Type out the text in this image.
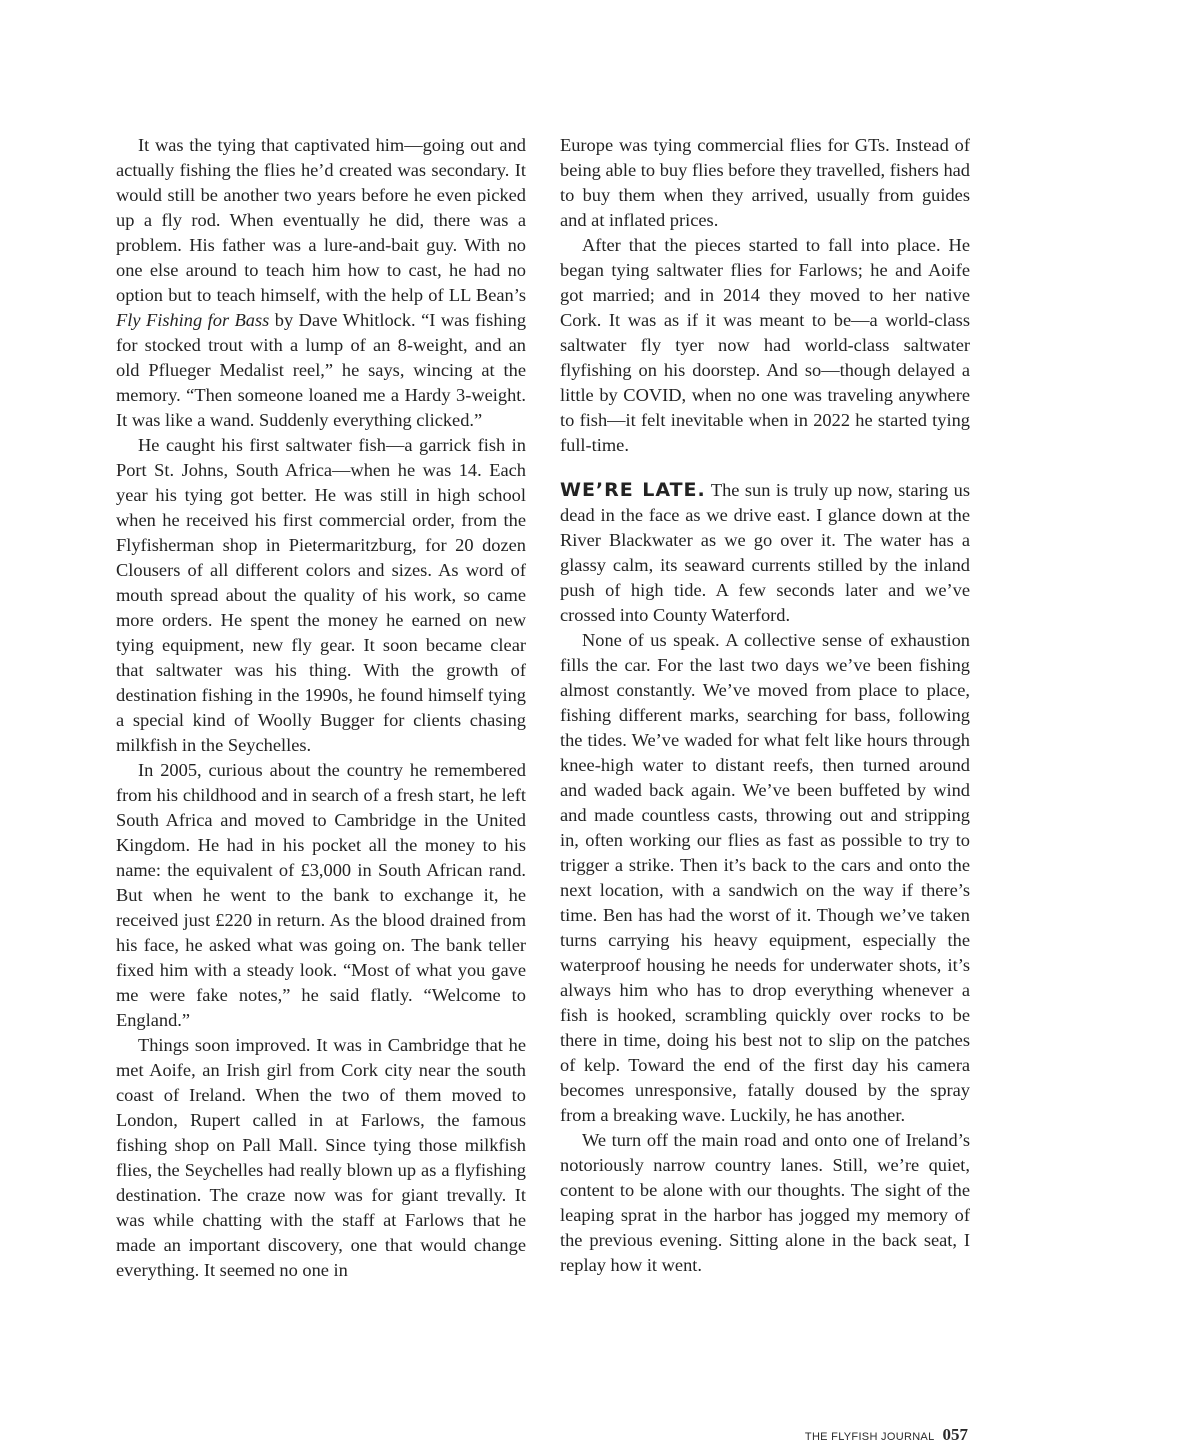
It was the tying that captivated him—going out and actually fishing the flies he’d created was secondary. It would still be another two years before he even picked up a fly rod. When eventually he did, there was a problem. His father was a lure-and-bait guy. With no one else around to teach him how to cast, he had no option but to teach himself, with the help of LL Bean’s Fly Fishing for Bass by Dave Whitlock. “I was fishing for stocked trout with a lump of an 8-weight, and an old Pflueger Medalist reel,” he says, wincing at the memory. “Then someone loaned me a Hardy 3-weight. It was like a wand. Suddenly everything clicked.”

He caught his first saltwater fish—a garrick fish in Port St. Johns, South Africa—when he was 14. Each year his tying got better. He was still in high school when he received his first commercial order, from the Flyfisherman shop in Pietermaritzburg, for 20 dozen Clousers of all different colors and sizes. As word of mouth spread about the quality of his work, so came more orders. He spent the money he earned on new tying equipment, new fly gear. It soon became clear that saltwater was his thing. With the growth of destination fishing in the 1990s, he found himself tying a special kind of Woolly Bugger for clients chasing milkfish in the Seychelles.

In 2005, curious about the country he remembered from his childhood and in search of a fresh start, he left South Africa and moved to Cambridge in the United Kingdom. He had in his pocket all the money to his name: the equivalent of £3,000 in South African rand. But when he went to the bank to exchange it, he received just £220 in return. As the blood drained from his face, he asked what was going on. The bank teller fixed him with a steady look. “Most of what you gave me were fake notes,” he said flatly. “Welcome to England.”

Things soon improved. It was in Cambridge that he met Aoife, an Irish girl from Cork city near the south coast of Ireland. When the two of them moved to London, Rupert called in at Farlows, the famous fishing shop on Pall Mall. Since tying those milkfish flies, the Seychelles had really blown up as a flyfishing destination. The craze now was for giant trevally. It was while chatting with the staff at Farlows that he made an important discovery, one that would change everything. It seemed no one in

Europe was tying commercial flies for GTs. Instead of being able to buy flies before they travelled, fishers had to buy them when they arrived, usually from guides and at inflated prices.

After that the pieces started to fall into place. He began tying saltwater flies for Farlows; he and Aoife got married; and in 2014 they moved to her native Cork. It was as if it was meant to be—a world-class saltwater fly tyer now had world-class saltwater flyfishing on his doorstep. And so—though delayed a little by COVID, when no one was traveling anywhere to fish—it felt inevitable when in 2022 he started tying full-time.

WE’RE LATE. The sun is truly up now, staring us dead in the face as we drive east. I glance down at the River Blackwater as we go over it. The water has a glassy calm, its seaward currents stilled by the inland push of high tide. A few seconds later and we’ve crossed into County Waterford.

None of us speak. A collective sense of exhaustion fills the car. For the last two days we’ve been fishing almost constantly. We’ve moved from place to place, fishing different marks, searching for bass, following the tides. We’ve waded for what felt like hours through knee-high water to distant reefs, then turned around and waded back again. We’ve been buffeted by wind and made countless casts, throwing out and stripping in, often working our flies as fast as possible to try to trigger a strike. Then it’s back to the cars and onto the next location, with a sandwich on the way if there’s time. Ben has had the worst of it. Though we’ve taken turns carrying his heavy equipment, especially the waterproof housing he needs for underwater shots, it’s always him who has to drop everything whenever a fish is hooked, scrambling quickly over rocks to be there in time, doing his best not to slip on the patches of kelp. Toward the end of the first day his camera becomes unresponsive, fatally doused by the spray from a breaking wave. Luckily, he has another.

We turn off the main road and onto one of Ireland’s notoriously narrow country lanes. Still, we’re quiet, content to be alone with our thoughts. The sight of the leaping sprat in the harbor has jogged my memory of the previous evening. Sitting alone in the back seat, I replay how it went.

THE FLYFISH JOURNAL 057
